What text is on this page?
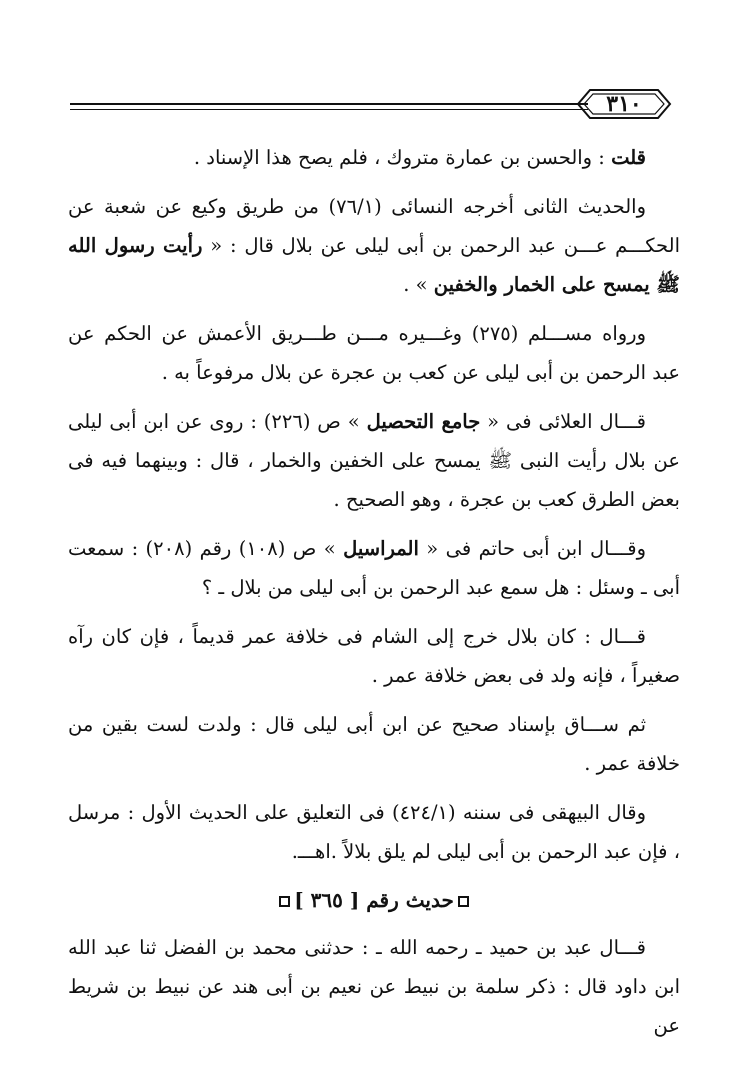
٣١٠

قلت : والحسن بن عمارة متروك ، فلم يصح هذا الإسناد .

والحديث الثانى أخرجه النسائى (٧٦/١) من طريق وكيع عن شعبة عن الحكـــم عـــن عبد الرحمن بن أبى ليلى عن بلال قال : « رأيت رسول الله ﷺ يمسح على الخمار والخفين » .

ورواه مســـلم (٢٧٥) وغـــيره مـــن طـــريق الأعمش عن الحكم عن عبد الرحمن بن أبى ليلى عن كعب بن عجرة عن بلال مرفوعاً به .

قـــال العلائى فى « جامع التحصيل » ص (٢٢٦) : روى عن ابن أبى ليلى عن بلال رأيت النبى ﷺ يمسح على الخفين والخمار ، قال : وبينهما فيه فى بعض الطرق كعب بن عجرة ، وهو الصحيح .

وقـــال ابن أبى حاتم فى « المراسيل » ص (١٠٨) رقم (٢٠٨) : سمعت أبى ـ وسئل : هل سمع عبد الرحمن بن أبى ليلى من بلال ـ ؟

قـــال : كان بلال خرج إلى الشام فى خلافة عمر قديماً ، فإن كان رآه صغيراً ، فإنه ولد فى بعض خلافة عمر .

ثم ســـاق بإسناد صحيح عن ابن أبى ليلى قال : ولدت لست بقين من خلافة عمر .

وقال البيهقى فى سننه (٤٢٤/١) فى التعليق على الحديث الأول : مرسل ، فإن عبد الرحمن بن أبى ليلى لم يلق بلالاً .اهـــ.

حديث رقم [ ٣٦٥ ]

قـــال عبد بن حميد ـ رحمه الله ـ : حدثنى محمد بن الفضل ثنا عبد الله ابن داود قال : ذكر سلمة بن نبيط عن نعيم بن أبى هند عن نبيط بن شريط عن
